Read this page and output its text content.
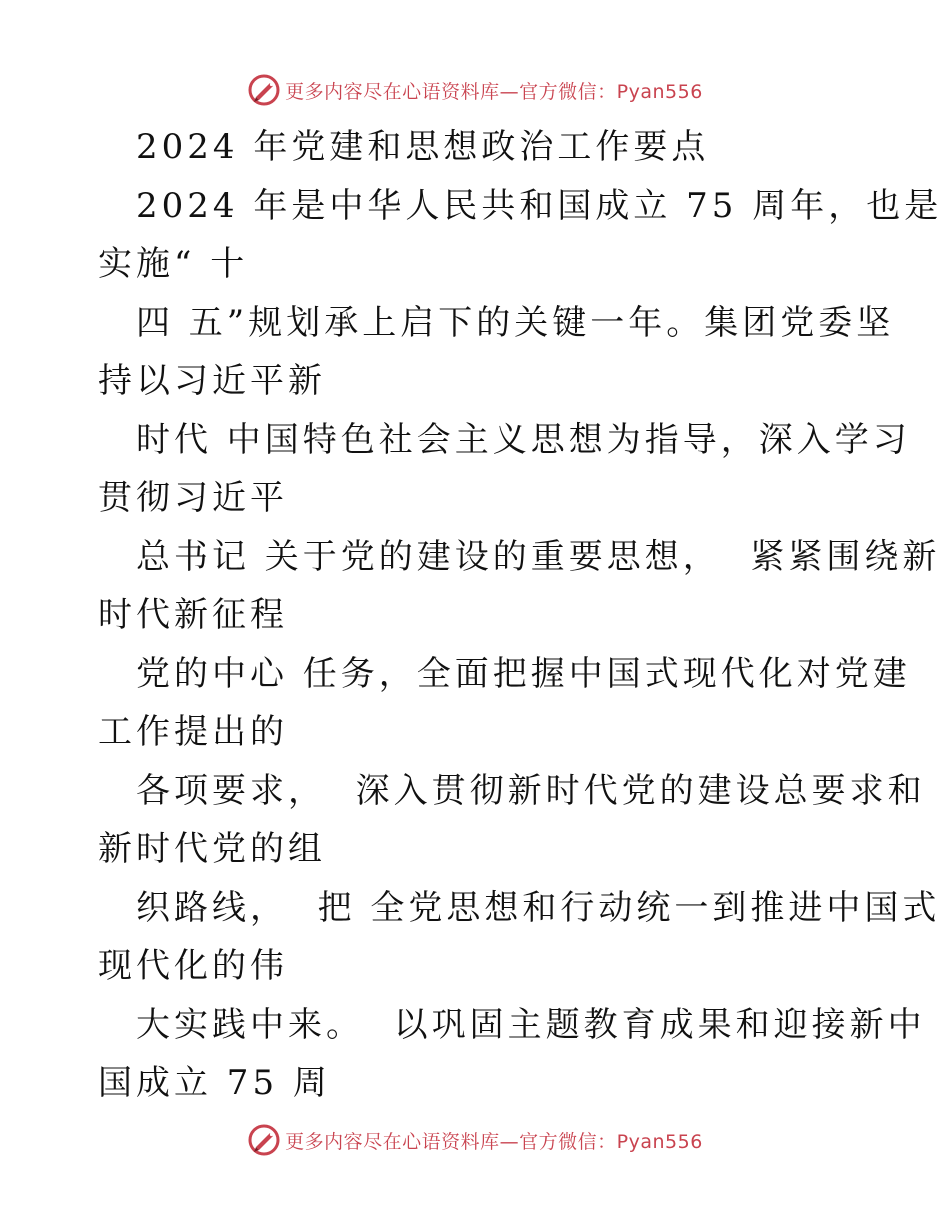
更多内容尽在心语资料库—官方微信：Pyan556
2024 年党建和思想政治工作要点
2024 年是中华人民共和国成立 75 周年，也是
实施“ 十
四 五”规划承上启下的关键一年。集团党委坚
持以习近平新
时代 中国特色社会主义思想为指导，深入学习
贯彻习近平
总书记 关于党的建设的重要思想，  紧紧围绕新
时代新征程
党的中心 任务，全面把握中国式现代化对党建
工作提出的
各项要求，  深入贯彻新时代党的建设总要求和
新时代党的组
织路线，  把 全党思想和行动统一到推进中国式
现代化的伟
大实践中来。  以巩固主题教育成果和迎接新中
国成立 75 周
更多内容尽在心语资料库—官方微信：Pyan556
